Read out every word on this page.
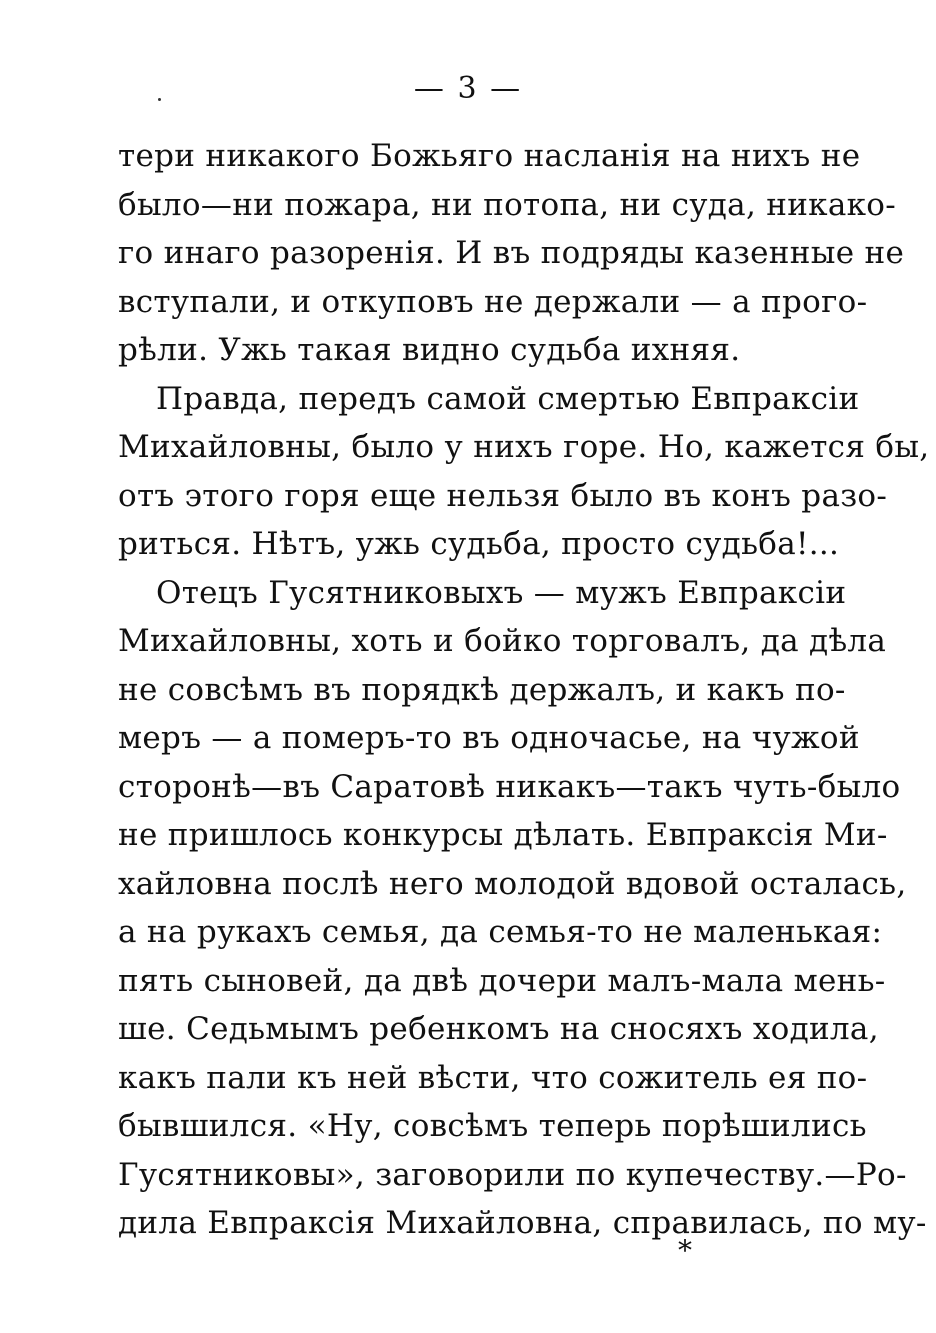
— 3 —
тери никакого Божьяго насланія на нихъ не
было—ни пожара, ни потопа, ни суда, никако-
го инаго разоренія. И въ подряды казенные не
вступали, и откуповъ не держали — а прого-
рѣли. Ужь такая видно судьба ихняя.
Правда, передъ самой смертью Евпраксіи
Михайловны, было у нихъ горе. Но, кажется бы,
отъ этого горя еще нельзя было въ конъ разо-
риться. Нѣтъ, ужь судьба, просто судьба!...
Отецъ Гусятниковыхъ — мужъ Евпраксіи
Михайловны, хоть и бойко торговалъ, да дѣла
не совсѣмъ въ порядкѣ держалъ, и какъ по-
меръ — а померъ-то въ одночасье, на чужой
сторонѣ—въ Саратовѣ никакъ—такъ чуть-было
не пришлось конкурсы дѣлать. Евпраксія Ми-
хайловна послѣ него молодой вдовой осталась,
а на рукахъ семья, да семья-то не маленькая:
пять сыновей, да двѣ дочери малъ-мала мень-
ше. Седьмымъ ребенкомъ на сносяхъ ходила,
какъ пали къ ней вѣсти, что сожитель ея по-
бывшился. «Ну, совсѣмъ теперь порѣшились
Гусятниковы», заговорили по купечеству.—Ро-
дила Евпраксія Михайловна, справилась, по му-
*
